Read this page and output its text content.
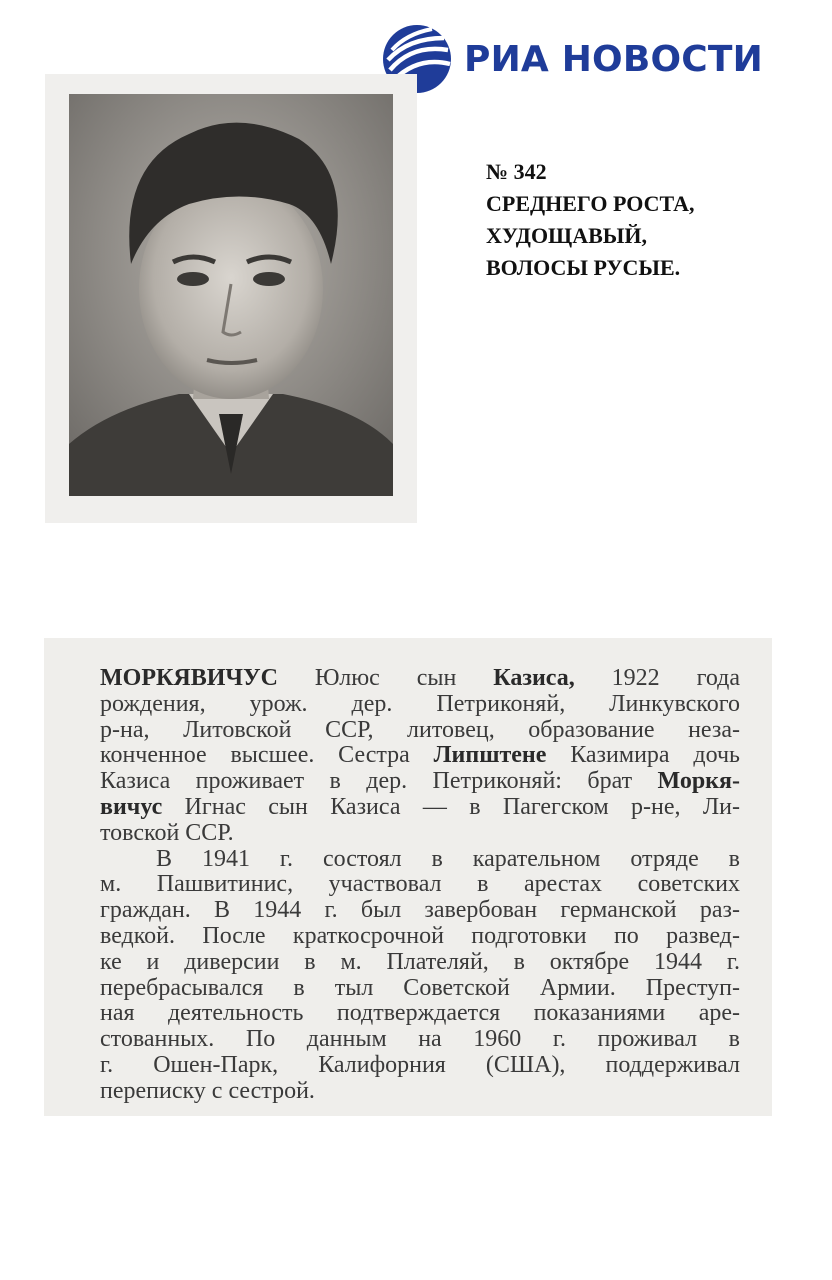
РИА НОВОСТИ
№ 342
СРЕДНЕГО РОСТА,
ХУДОЩАВЫЙ,
ВОЛОСЫ РУСЫЕ.

МОРКЯВИЧУС Юлюс сын Казиса, 1922 года
рождения, урож. дер. Петриконяй, Линкувского
р-на, Литовской ССР, литовец, образование неза-
конченное высшее. Сестра Липштене Казимира дочь
Казиса проживает в дер. Петриконяй: брат Моркя-
вичус Игнас сын Казиса — в Пагегском р-не, Ли-
товской ССР.

В 1941 г. состоял в карательном отряде в
м. Пашвитинис, участвовал в арестах советских
граждан. В 1944 г. был завербован германской раз-
ведкой. После краткосрочной подготовки по развед-
ке и диверсии в м. Плателяй, в октябре 1944 г.
перебрасывался в тыл Советской Армии. Преступ-
ная деятельность подтверждается показаниями аре-
стованных. По данным на 1960 г. проживал в
г. Ошен-Парк, Калифорния (США), поддерживал
переписку с сестрой.
